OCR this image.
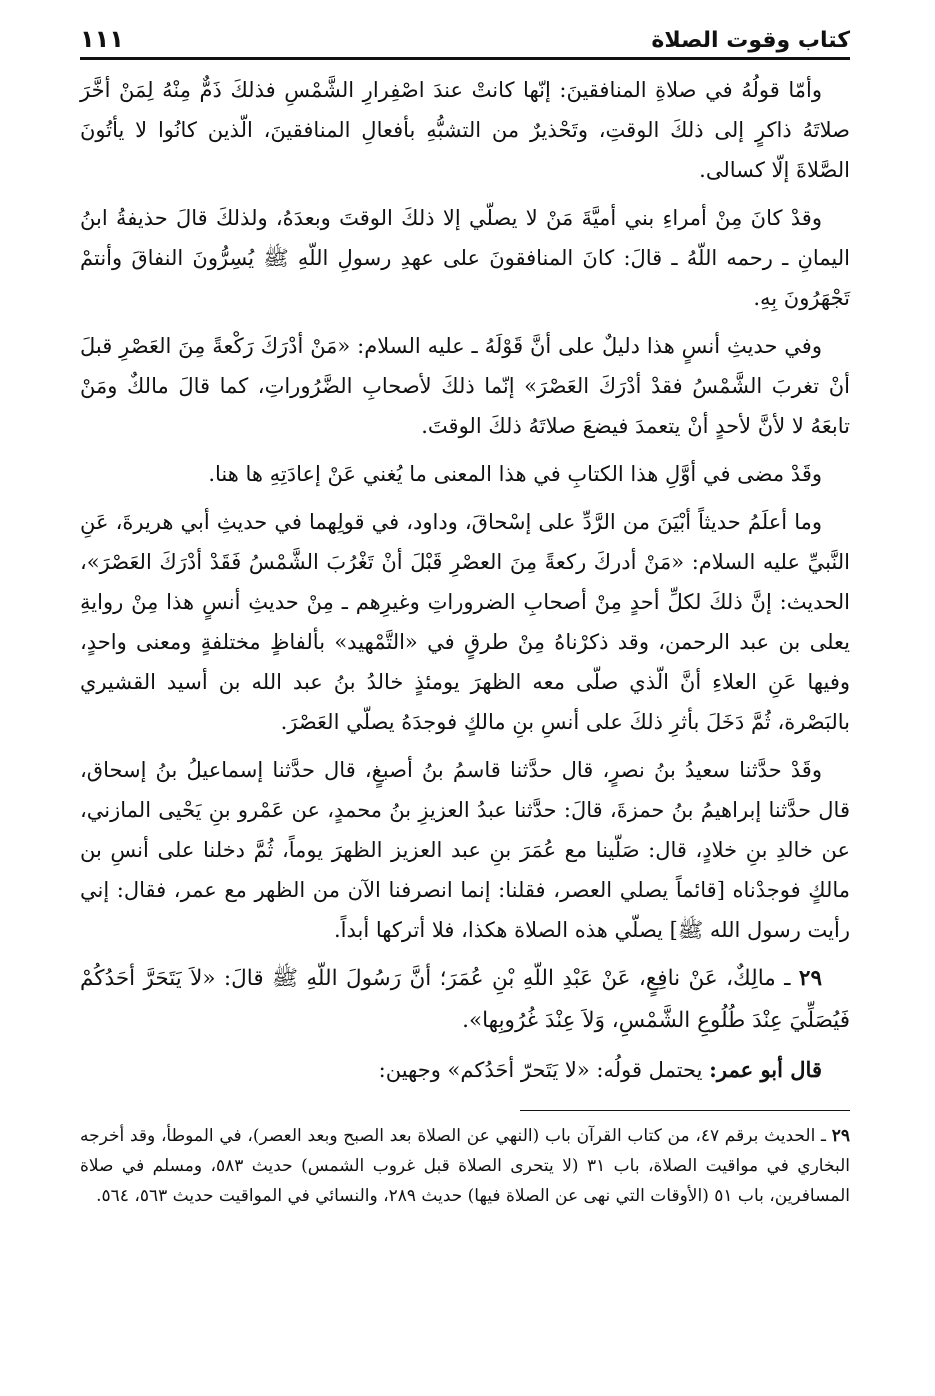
كتاب وقوت الصلاة
١١١

وأمّا قولُهُ في صلاةِ المنافقينَ: إنّها كانتْ عندَ اصْفِرارِ الشَّمْسِ فذلكَ ذَمٌّ مِنْهُ لِمَنْ أخَّرَ صلاتَهُ ذاكرٍ إلى ذلكَ الوقتِ، وتَحْذيرٌ من التشبُّهِ بأفعالِ المنافقينَ، الّذين كانُوا لا يأتُونَ الصَّلاةَ إلّا كسالى.

وقدْ كانَ مِنْ أمراءِ بني أميَّةَ مَنْ لا يصلّي إلا ذلكَ الوقتَ وبعدَهُ، ولذلكَ قالَ حذيفةُ ابنُ اليمانِ ـ رحمه اللّهُ ـ قالَ: كانَ المنافقونَ على عهدِ رسولِ اللّهِ ﷺ يُسِرُّونَ النفاقَ وأنتمْ تَجْهَرُونَ بِهِ.

وفي حديثِ أنسٍ هذا دليلٌ على أنَّ قَوْلَهُ ـ عليه السلام: «مَنْ أدْرَكَ رَكْعةً مِنَ العَصْرِ قبلَ أنْ تغربَ الشَّمْسُ فقدْ أدْرَكَ العَصْرَ» إنّما ذلكَ لأصحابِ الضَّرُوراتِ، كما قالَ مالكٌ ومَنْ تابعَهُ لا لأنَّ لأحدٍ أنْ يتعمدَ فيضعَ صلاتَهُ ذلكَ الوقتَ.

وقَدْ مضى في أوَّلِ هذا الكتابِ في هذا المعنى ما يُغني عَنْ إعادَتِهِ ها هنا.

وما أعلَمُ حديثاً أبْيَنَ من الرَّدِّ على إسْحاقَ، وداود، في قولِهما في حديثِ أبي هريرةَ، عَنِ النَّبيِّ عليه السلام: «مَنْ أدركَ ركعةً مِنَ العصْرِ قَبْلَ أنْ تَغْرُبَ الشَّمْسُ فَقَدْ أدْرَكَ العَصْرَ»، الحديث: إنَّ ذلكَ لكلِّ أحدٍ مِنْ أصحابِ الضروراتِ وغيرِهم ـ مِنْ حديثِ أنسٍ هذا مِنْ روايةِ يعلى بن عبد الرحمن، وقد ذكرْناهُ مِنْ طرقٍ في «التَّمْهيد» بألفاظٍ مختلفةٍ ومعنى واحدٍ، وفيها عَنِ العلاءِ أنَّ الّذي صلّى معه الظهرَ يومئذٍ خالدُ بنُ عبد الله بن أسيد القشيري بالبَصْرة، ثُمَّ دَخَلَ بأثرِ ذلكَ على أنسِ بنِ مالكٍ فوجدَهُ يصلّي العَصْرَ.

وقَدْ حدَّثنا سعيدُ بنُ نصرٍ، قال حدَّثنا قاسمُ بنُ أصبغٍ، قال حدَّثنا إسماعيلُ بنُ إسحاق، قال حدَّثنا إبراهيمُ بنُ حمزةَ، قالَ: حدَّثنا عبدُ العزيزِ بنُ محمدٍ، عن عَمْرو بنِ يَحْيى المازني، عن خالدِ بنِ خلادٍ، قال: صَلّينا مع عُمَرَ بنِ عبد العزيز الظهرَ يوماً، ثُمَّ دخلنا على أنسِ بن مالكٍ فوجدْناه [قائماً يصلي العصر، فقلنا: إنما انصرفنا الآن من الظهر مع عمر، فقال: إني رأيت رسول الله ﷺ] يصلّي هذه الصلاة هكذا، فلا أتركها أبداً.

٢٩ ـ مالِكٌ، عَنْ نافِعٍ، عَنْ عَبْدِ اللّهِ بْنِ عُمَرَ؛ أنَّ رَسُولَ اللّهِ ﷺ قالَ: «لاَ يَتَحَرَّ أحَدُكُمْ فَيُصَلِّيَ عِنْدَ طُلُوعِ الشَّمْسِ، وَلاَ عِنْدَ غُرُوبِها».

قال أبو عمر: يحتمل قولُه: «لا يَتَحرّ أحَدُكم» وجهين:

٢٩ ـ الحديث برقم ٤٧، من كتاب القرآن باب (النهي عن الصلاة بعد الصبح وبعد العصر)، في الموطأ، وقد أخرجه البخاري في مواقيت الصلاة، باب ٣١ (لا يتحرى الصلاة قبل غروب الشمس) حديث ٥٨٣، ومسلم في صلاة المسافرين، باب ٥١ (الأوقات التي نهى عن الصلاة فيها) حديث ٢٨٩، والنسائي في المواقيت حديث ٥٦٣، ٥٦٤.
